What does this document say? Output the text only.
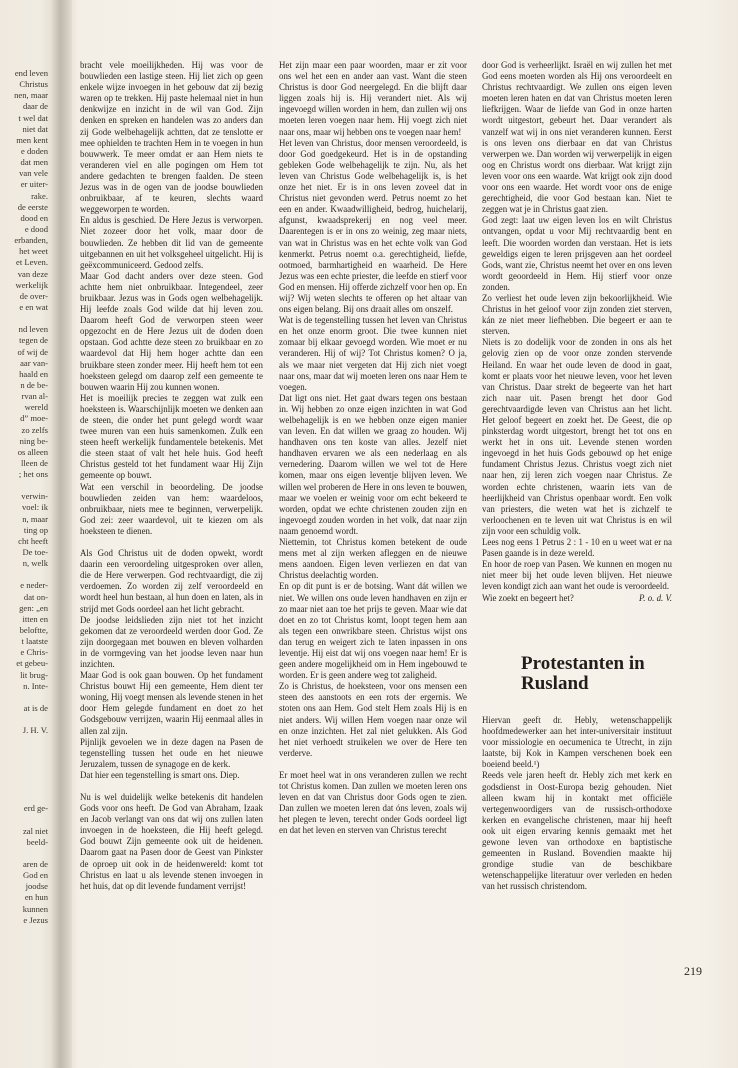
end leven
Christus
nen, maar
daar de
t wel dat
niet dat
men kent
e doden
dat men
van vele
er uiter-
rake.
de eerste
dood en
e dood
erbanden,
het weet
et Leven.
van deze
werkelijk
de over-
e en wat
nd leven
tegen de
of wij de
aar van-
haald en
n de be-
rvan al-
wereld
d” moe-
zo zelfs
ning be-
os alleen
lleen de
; het ons
verwin-
voel: ik
n, maar
ting op
cht heeft
De toe-
n, welk
e neder-
dat on-
gen: „en
itten en
beloftte,
t laatste
e Chris-
et gebeu-
lit brug-
n. Inte-
at is de
J. H. V.
erd ge-
zal niet
beeld-
aren de
God en
joodse
en hun
kunnen
e Jezus

bracht vele moeilijkheden. Hij was voor de bouwlieden een lastige steen. Hij liet zich op geen enkele wijze invoegen in het gebouw dat zij bezig waren op te trekken. Hij paste helemaal niet in hun denkwijze en inzicht in de wil van God. Zijn denken en spreken en handelen was zo anders dan zij Gode welbehagelijk achtten, dat ze tenslotte er mee ophielden te trachten Hem in te voegen in hun bouwwerk. Te meer omdat er aan Hem niets te veranderen viel en alle pogingen om Hem tot andere gedachten te brengen faalden. De steen Jezus was in de ogen van de joodse bouwlieden onbruikbaar, af te keuren, slechts waard weggeworpen te worden.

En aldus is geschied. De Here Jezus is verworpen. Niet zozeer door het volk, maar door de bouwlieden. Ze hebben dit lid van de gemeente uitgebannen en uit het volksgeheel uitgelicht. Hij is geëxcommuniceerd. Gedood zelfs.

Maar God dacht anders over deze steen. God achtte hem niet onbruikbaar. Integendeel, zeer bruikbaar. Jezus was in Gods ogen welbehagelijk. Hij leefde zoals God wilde dat hij leven zou. Daarom heeft God de verworpen steen weer opgezocht en de Here Jezus uit de doden doen opstaan. God achtte deze steen zo bruikbaar en zo waardevol dat Hij hem hoger achtte dan een bruikbare steen zonder meer. Hij heeft hem tot een hoeksteen gelegd om daarop zelf een gemeente te bouwen waarin Hij zou kunnen wonen.

Het is moeilijk precies te zeggen wat zulk een hoeksteen is. Waarschijnlijk moeten we denken aan de steen, die onder het punt gelegd wordt waar twee muren van een huis samenkomen. Zulk een steen heeft werkelijk fundamentele betekenis. Met die steen staat of valt het hele huis. God heeft Christus gesteld tot het fundament waar Hij Zijn gemeente op bouwt.

Wat een verschil in beoordeling. De joodse bouwlieden zeiden van hem: waardeloos, onbruikbaar, niets mee te beginnen, verwerpelijk. God zei: zeer waardevol, uit te kiezen om als hoeksteen te dienen.

Als God Christus uit de doden opwekt, wordt daarin een veroordeling uitgesproken over allen, die de Here verwerpen. God rechtvaardigt, die zij verdoemen. Zo worden zij zelf veroordeeld en wordt heel hun bestaan, al hun doen en laten, als in strijd met Gods oordeel aan het licht gebracht.

De joodse leidslieden zijn niet tot het inzicht gekomen dat ze veroordeeld werden door God. Ze zijn doorgegaan met bouwen en bleven volharden in de vormgeving van het joodse leven naar hun inzichten.

Maar God is ook gaan bouwen. Op het fundament Christus bouwt Hij een gemeente, Hem dient ter woning, Hij voegt mensen als levende stenen in het door Hem gelegde fundament en doet zo het Godsgebouw verrijzen, waarin Hij eenmaal alles in allen zal zijn.

Pijnlijk gevoelen we in deze dagen na Pasen de tegenstelling tussen het oude en het nieuwe Jeruzalem, tussen de synagoge en de kerk.

Dat hier een tegenstelling is smart ons. Diep.

Nu is wel duidelijk welke betekenis dit handelen Gods voor ons heeft. De God van Abraham, Izaak en Jacob verlangt van ons dat wij ons zullen laten invoegen in de hoeksteen, die Hij heeft gelegd. God bouwt Zijn gemeente ook uit de heidenen. Daarom gaat na Pasen door de Geest van Pinkster de oproep uit ook in de heidenwereld: komt tot Christus en laat u als levende stenen invoegen in het huis, dat op dit levende fundament verrijst!

Het zijn maar een paar woorden, maar er zit voor ons wel het een en ander aan vast. Want die steen Christus is door God neergelegd. En die blijft daar liggen zoals hij is. Hij verandert niet. Als wij ingevoegd willen worden in hem, dan zullen wij ons moeten leren voegen naar hem. Hij voegt zich niet naar ons, maar wij hebben ons te voegen naar hem!

Het leven van Christus, door mensen veroordeeld, is door God goedgekeurd. Het is in de opstanding gebleken Gode welbehagelijk te zijn. Nu, als het leven van Christus Gode welbehagelijk is, is het onze het niet. Er is in ons leven zoveel dat in Christus niet gevonden werd. Petrus noemt zo het een en ander. Kwaadwilligheid, bedrog, huichelarij, afgunst, kwaadsprekerij en nog veel meer. Daarentegen is er in ons zo weinig, zeg maar niets, van wat in Christus was en het echte volk van God kenmerkt. Petrus noemt o.a. gerechtigheid, liefde, ootmoed, barmhartigheid en waarheid. De Here Jezus was een echte priester, die leefde en stierf voor God en mensen. Hij offerde zichzelf voor hen op. En wij? Wij weten slechts te offeren op het altaar van ons eigen belang. Bij ons draait alles om onszelf.

Wat is de tegenstelling tussen het leven van Christus en het onze enorm groot. Die twee kunnen niet zomaar bij elkaar gevoegd worden. Wie moet er nu veranderen. Hij of wij? Tot Christus komen? O ja, als we maar niet vergeten dat Hij zich niet voegt naar ons, maar dat wij moeten leren ons naar Hem te voegen.

Dat ligt ons niet. Het gaat dwars tegen ons bestaan in. Wij hebben zo onze eigen inzichten in wat God welbehagelijk is en we hebben onze eigen manier van leven. En dat willen we graag zo houden. Wij handhaven ons ten koste van alles. Jezelf niet handhaven ervaren we als een nederlaag en als vernedering. Daarom willen we wel tot de Here komen, maar ons eigen leventje blijven leven. We willen wel proberen de Here in ons leven te bouwen, maar we voelen er weinig voor om echt bekeerd te worden, opdat we echte christenen zouden zijn en ingevoegd zouden worden in het volk, dat naar zijn naam genoemd wordt.

Niettemin, tot Christus komen betekent de oude mens met al zijn werken afleggen en de nieuwe mens aandoen. Eigen leven verliezen en dat van Christus deelachtig worden.

En op dit punt is er de botsing. Want dát willen we niet. We willen ons oude leven handhaven en zijn er zo maar niet aan toe het prijs te geven. Maar wie dat doet en zo tot Christus komt, loopt tegen hem aan als tegen een onwrikbare steen. Christus wijst ons dan terug en weigert zich te laten inpassen in ons leventje. Hij eist dat wij ons voegen naar hem! Er is geen andere mogelijkheid om in Hem ingebouwd te worden. Er is geen andere weg tot zaligheid.

Zo is Christus, de hoeksteen, voor ons mensen een steen des aanstoots en een rots der ergernis. We stoten ons aan Hem. God stelt Hem zoals Hij is en niet anders. Wij willen Hem voegen naar onze wil en onze inzichten. Het zal niet gelukken. Als God het niet verhoedt struikelen we over de Here ten verderve.

Er moet heel wat in ons veranderen zullen we recht tot Christus komen. Dan zullen we moeten leren ons leven en dat van Christus door Gods ogen te zien. Dan zullen we moeten leren dat óns leven, zoals wij het plegen te leven, terecht onder Gods oordeel ligt en dat het leven en sterven van Christus terecht

door God is verheerlijkt. Israël en wij zullen het met God eens moeten worden als Hij ons veroordeelt en Christus rechtvaardigt. We zullen ons eigen leven moeten leren haten en dat van Christus moeten leren liefkrijgen. Waar de liefde van God in onze harten wordt uitgestort, gebeurt het. Daar verandert als vanzelf wat wij in ons niet veranderen kunnen. Eerst is ons leven ons dierbaar en dat van Christus verwerpen we. Dan worden wij verwerpelijk in eigen oog en Christus wordt ons dierbaar. Wat krijgt zijn leven voor ons een waarde. Wat krijgt ook zijn dood voor ons een waarde. Het wordt voor ons de enige gerechtigheid, die voor God bestaan kan. Niet te zeggen wat je in Christus gaat zien.

God zegt: laat uw eigen leven los en wilt Christus ontvangen, opdat u voor Mij rechtvaardig bent en leeft. Die woorden worden dan verstaan. Het is iets geweldigs eigen te leren prijsgeven aan het oordeel Gods, want zie, Christus neemt het over en ons leven wordt geoordeeld in Hem. Hij stierf voor onze zonden.

Zo verliest het oude leven zijn bekoorlijkheid. Wie Christus in het geloof voor zijn zonden ziet sterven, kán ze niet meer liefhebben. Die begeert er aan te sterven.

Niets is zo dodelijk voor de zonden in ons als het gelovig zien op de voor onze zonden stervende Heiland. En waar het oude leven de dood in gaat, komt er plaats voor het nieuwe leven, voor het leven van Christus. Daar strekt de begeerte van het hart zich naar uit. Pasen brengt het door God gerechtvaardigde leven van Christus aan het licht. Het geloof begeert en zoekt het. De Geest, die op pinksterdag wordt uitgestort, brengt het tot ons en werkt het in ons uit. Levende stenen worden ingevoegd in het huis Gods gebouwd op het enige fundament Christus Jezus. Christus voegt zich niet naar hen, zij leren zich voegen naar Christus. Ze worden echte christenen, waarin iets van de heerlijkheid van Christus openbaar wordt. Een volk van priesters, die weten wat het is zichzelf te verloochenen en te leven uit wat Christus is en wil zijn voor een schuldig volk.

Lees nog eens 1 Petrus 2 : 1 - 10 en u weet wat er na Pasen gaande is in deze wereld.

En hoor de roep van Pasen. We kunnen en mogen nu niet meer bij het oude leven blijven. Het nieuwe leven kondigt zich aan want het oude is veroordeeld.

Wie zoekt en begeert het?	P. o. d. V.
Protestanten in Rusland

Hiervan geeft dr. Hebly, wetenschappelijk hoofdmedewerker aan het inter-universitair instituut voor missiologie en oecumenica te Utrecht, in zijn laatste, bij Kok in Kampen verschenen boek een boeiend beeld.¹)

Reeds vele jaren heeft dr. Hebly zich met kerk en godsdienst in Oost-Europa bezig gehouden. Niet alleen kwam hij in kontakt met officiële vertegenwoordigers van de russisch-orthodoxe kerken en evangelische christenen, maar hij heeft ook uit eigen ervaring kennis gemaakt met het gewone leven van orthodoxe en baptistische gemeenten in Rusland. Bovendien maakte hij grondige studie van de beschikbare wetenschappelijke literatuur over verleden en heden van het russisch christendom.

219
